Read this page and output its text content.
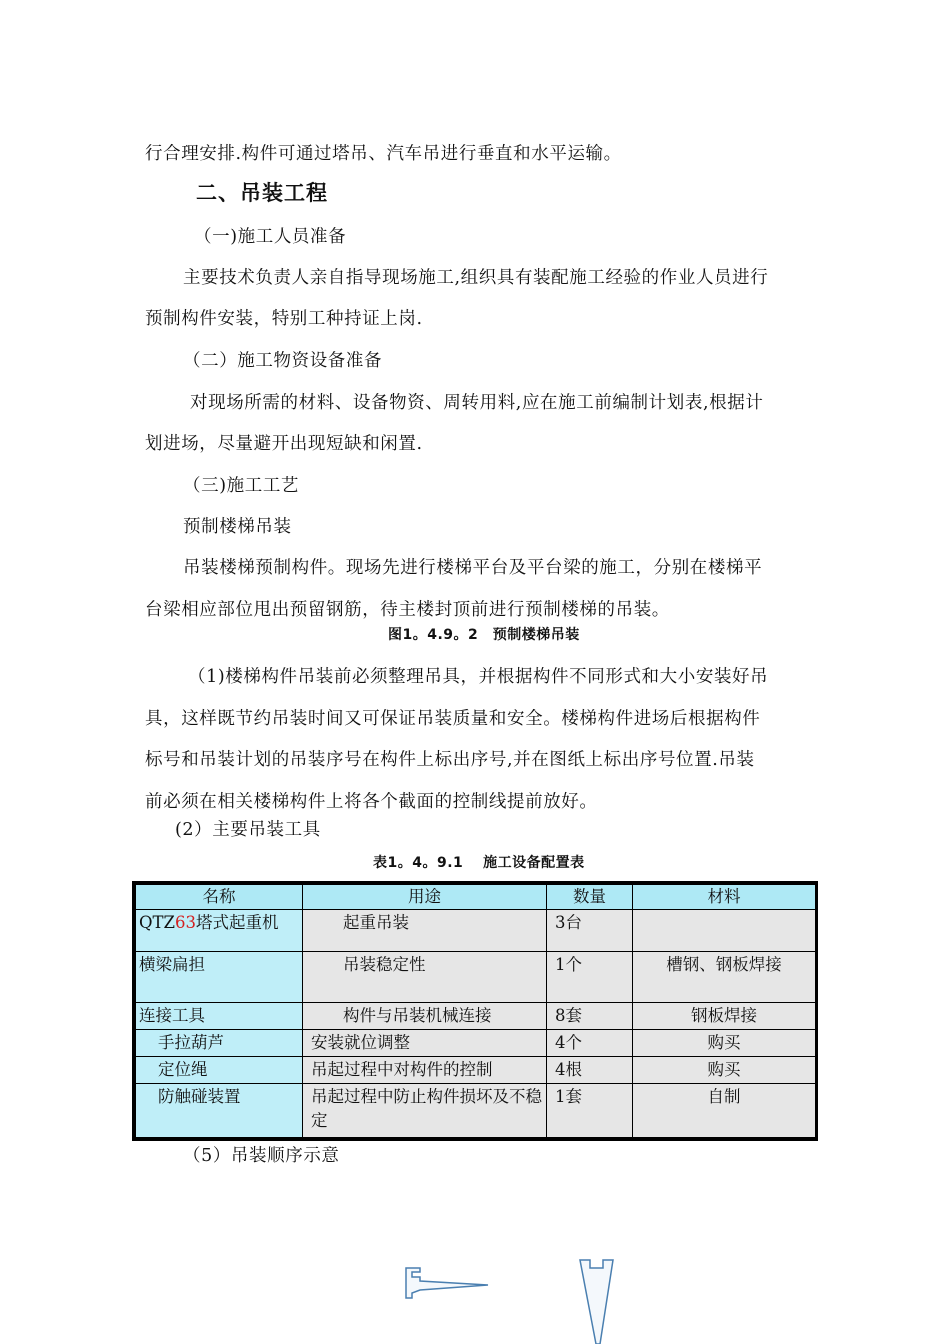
行合理安排.构件可通过塔吊、汽车吊进行垂直和水平运输。
二、吊装工程
（一)施工人员准备
主要技术负责人亲自指导现场施工,组织具有装配施工经验的作业人员进行
预制构件安装，特别工种持证上岗.
（二）施工物资设备准备
对现场所需的材料、设备物资、周转用料,应在施工前编制计划表,根据计
划进场，尽量避开出现短缺和闲置.
（三)施工工艺
预制楼梯吊装
吊装楼梯预制构件。现场先进行楼梯平台及平台梁的施工，分别在楼梯平
台梁相应部位甩出预留钢筋，待主楼封顶前进行预制楼梯的吊装。
图1。4.9。2　预制楼梯吊装
（1)楼梯构件吊装前必须整理吊具，并根据构件不同形式和大小安装好吊
具，这样既节约吊装时间又可保证吊装质量和安全。楼梯构件进场后根据构件
标号和吊装计划的吊装序号在构件上标出序号,并在图纸上标出序号位置.吊装
前必须在相关楼梯构件上将各个截面的控制线提前放好。
(2）主要吊装工具
表1。4。9.1　 施工设备配置表
名称	用途	数量	材料
QTZ63塔式起重机	起重吊装	3台	
横梁扁担	吊装稳定性	1个	槽钢、钢板焊接
连接工具	构件与吊装机械连接	8套	钢板焊接
手拉葫芦	安装就位调整	4个	购买
定位绳	吊起过程中对构件的控制	4根	购买
防触碰装置	吊起过程中防止构件损坏及不稳定	1套	自制
（5）吊装顺序示意
